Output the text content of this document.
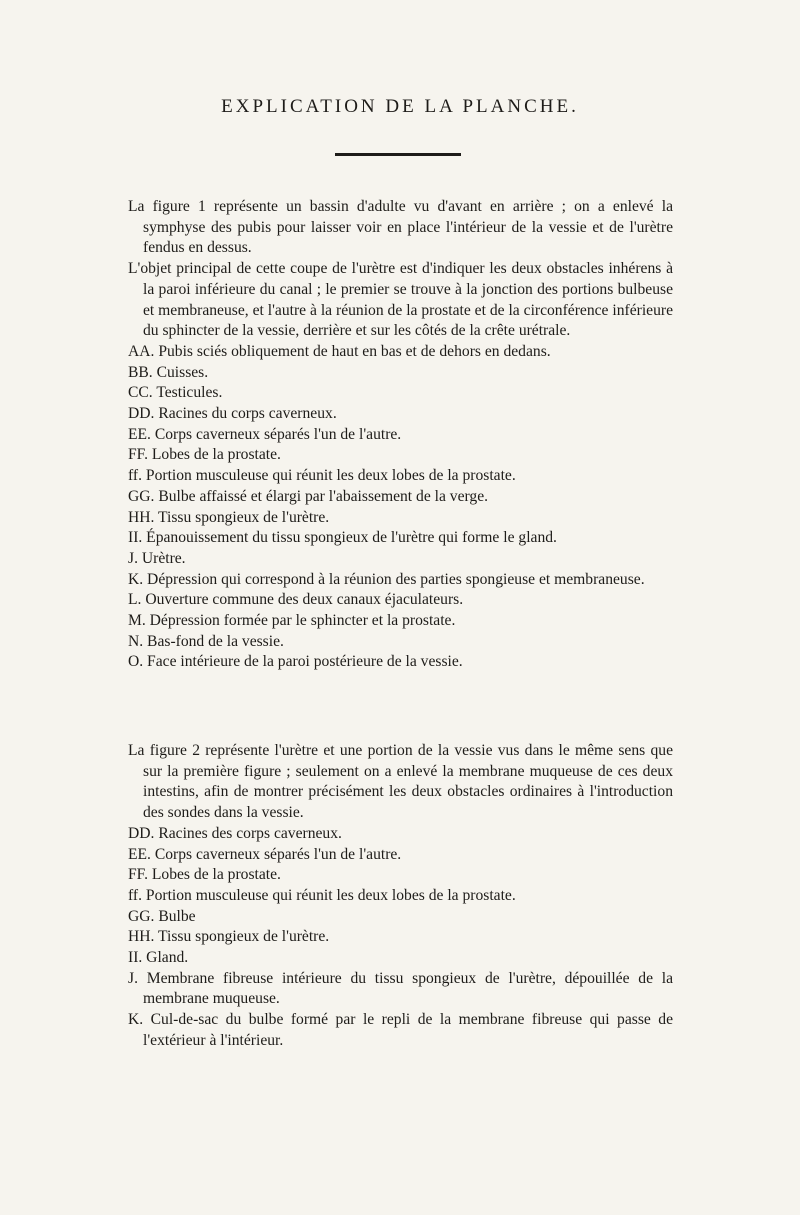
EXPLICATION DE LA PLANCHE.

La figure 1 représente un bassin d'adulte vu d'avant en arrière ; on a enlevé la symphyse des pubis pour laisser voir en place l'intérieur de la vessie et de l'urètre fendus en dessus.

L'objet principal de cette coupe de l'urètre est d'indiquer les deux obstacles inhérens à la paroi inférieure du canal ; le premier se trouve à la jonction des portions bulbeuse et membraneuse, et l'autre à la réunion de la prostate et de la circonférence inférieure du sphincter de la vessie, derrière et sur les côtés de la crête urétrale.

AA. Pubis sciés obliquement de haut en bas et de dehors en dedans.

BB. Cuisses.

CC. Testicules.

DD. Racines du corps caverneux.

EE. Corps caverneux séparés l'un de l'autre.

FF. Lobes de la prostate.

ff. Portion musculeuse qui réunit les deux lobes de la prostate.

GG. Bulbe affaissé et élargi par l'abaissement de la verge.

HH. Tissu spongieux de l'urètre.

II. Épanouissement du tissu spongieux de l'urètre qui forme le gland.

J. Urètre.

K. Dépression qui correspond à la réunion des parties spongieuse et membraneuse.

L. Ouverture commune des deux canaux éjaculateurs.

M. Dépression formée par le sphincter et la prostate.

N. Bas-fond de la vessie.

O. Face intérieure de la paroi postérieure de la vessie.

La figure 2 représente l'urètre et une portion de la vessie vus dans le même sens que sur la première figure ; seulement on a enlevé la membrane muqueuse de ces deux intestins, afin de montrer précisément les deux obstacles ordinaires à l'introduction des sondes dans la vessie.

DD. Racines des corps caverneux.

EE. Corps caverneux séparés l'un de l'autre.

FF. Lobes de la prostate.

ff. Portion musculeuse qui réunit les deux lobes de la prostate.

GG. Bulbe

HH. Tissu spongieux de l'urètre.

II. Gland.

J. Membrane fibreuse intérieure du tissu spongieux de l'urètre, dépouillée de la membrane muqueuse.

K. Cul-de-sac du bulbe formé par le repli de la membrane fibreuse qui passe de l'extérieur à l'intérieur.
